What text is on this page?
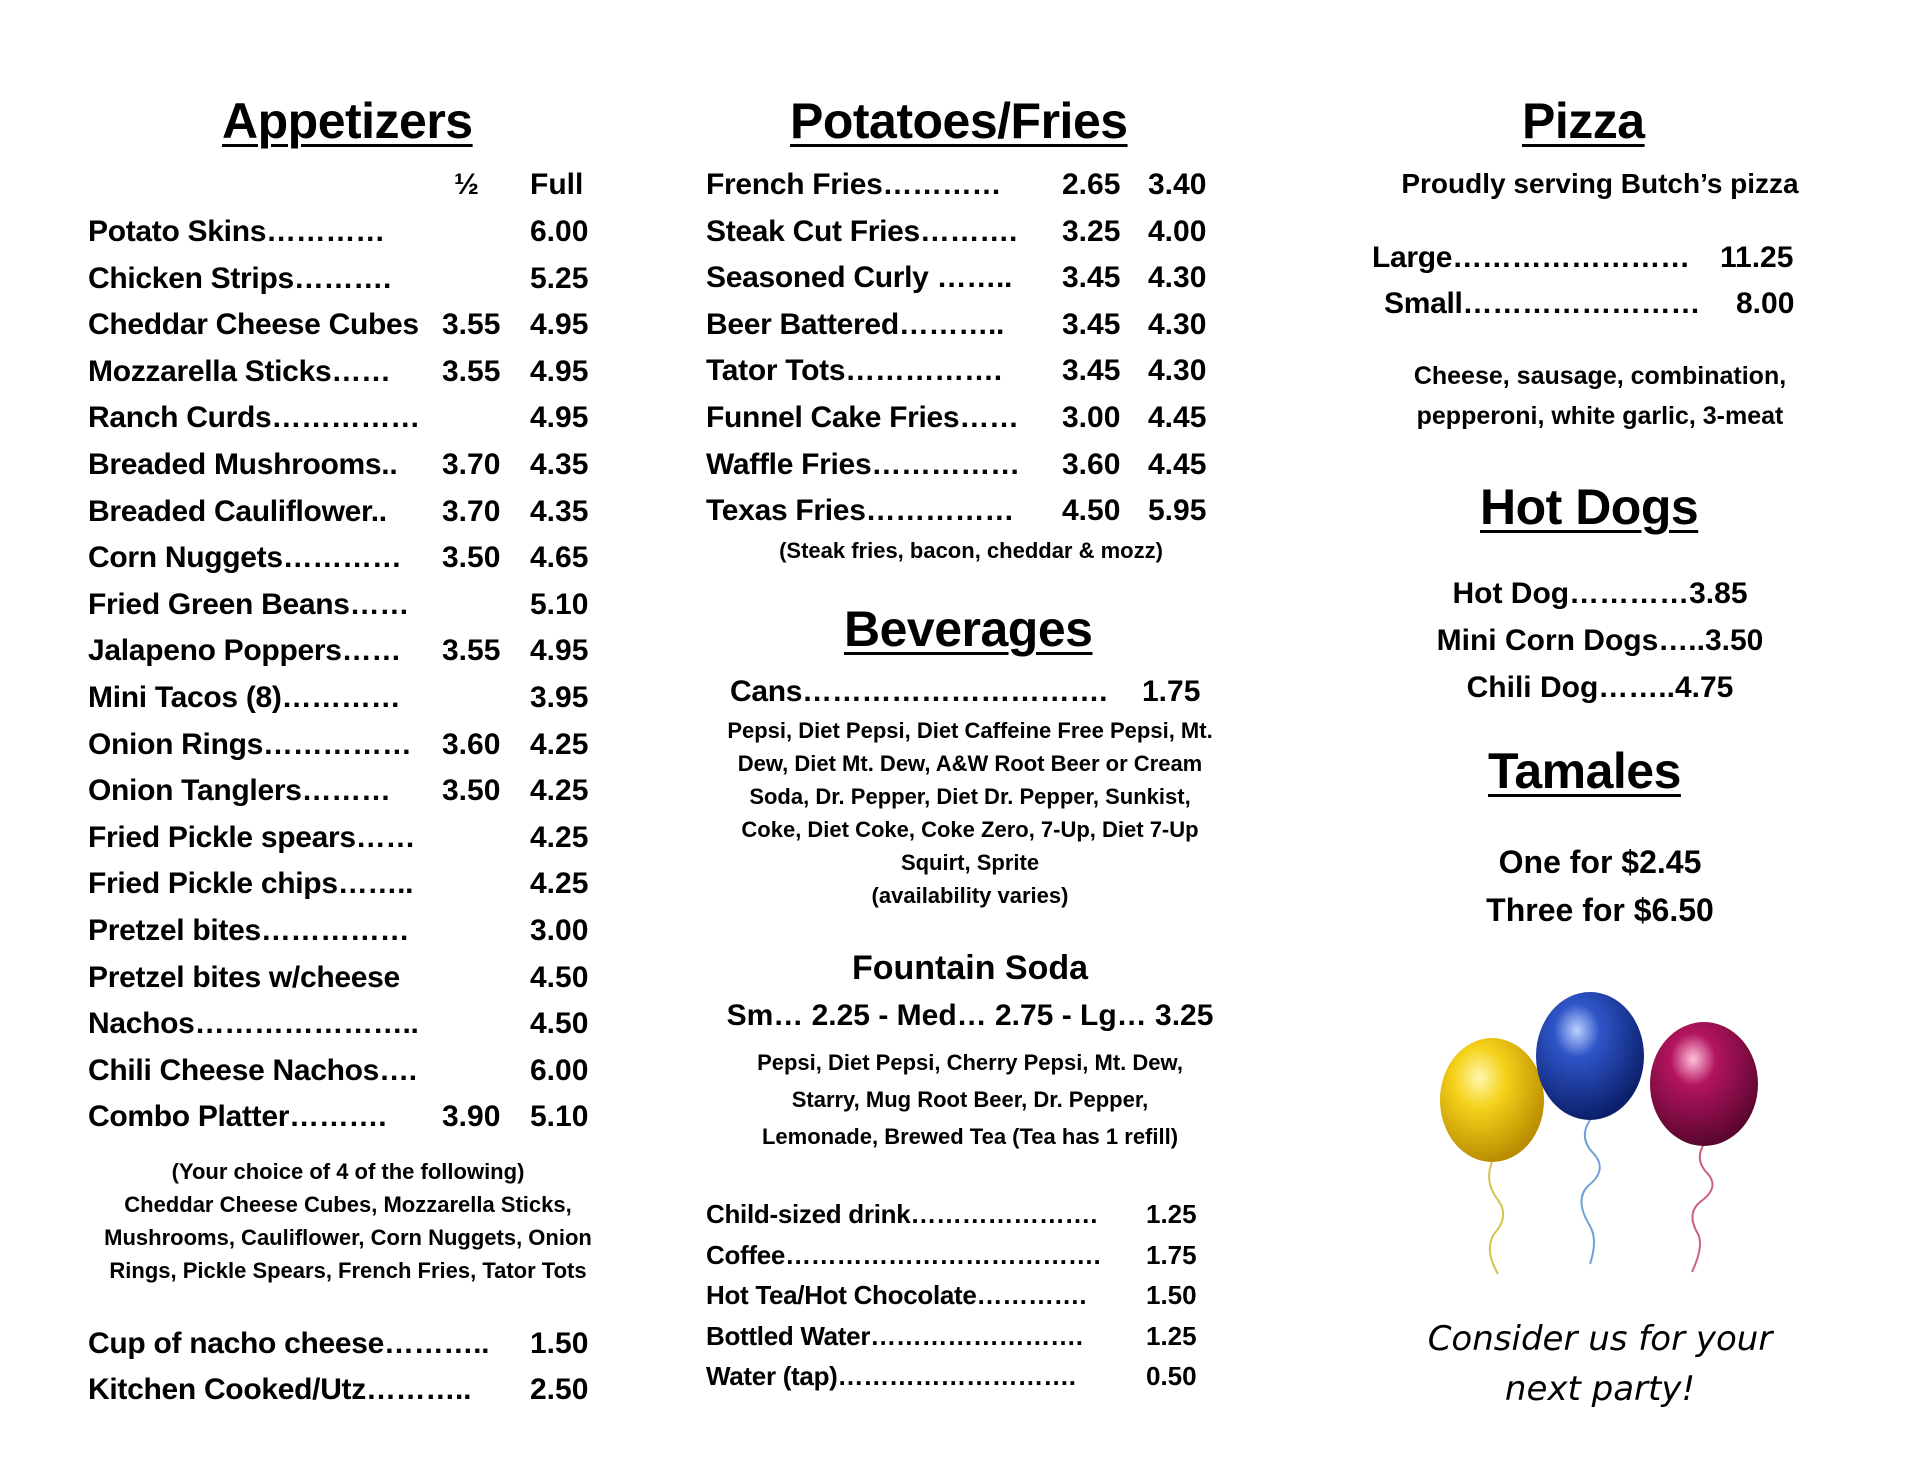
Appetizers
½	Full
Potato Skins…………	6.00
Chicken Strips……….	5.25
Cheddar Cheese Cubes 3.55 4.95
Mozzarella Sticks…… 3.55 4.95
Ranch Curds……………	4.95
Breaded Mushrooms.. 3.70 4.35
Breaded Cauliflower.. 3.70 4.35
Corn Nuggets………… 3.50 4.65
Fried Green Beans……	5.10
Jalapeno Poppers…… 3.55 4.95
Mini Tacos (8)…………	3.95
Onion Rings…………… 3.60 4.25
Onion Tanglers……… 3.50 4.25
Fried Pickle spears……	4.25
Fried Pickle chips……..	4.25
Pretzel bites……………	3.00
Pretzel bites w/cheese	4.50
Nachos…………………..	4.50
Chili Cheese Nachos….	6.00
Combo Platter………. 3.90 5.10
(Your choice of 4 of the following)
Cheddar Cheese Cubes, Mozzarella Sticks,
Mushrooms, Cauliflower, Corn Nuggets, Onion
Rings, Pickle Spears, French Fries, Tator Tots
Cup of nacho cheese……….. 1.50
Kitchen Cooked/Utz……….. 2.50
Potatoes/Fries
French Fries………… 2.65 3.40
Steak Cut Fries………. 3.25 4.00
Seasoned Curly …….. 3.45 4.30
Beer Battered……….. 3.45 4.30
Tator Tots……………. 3.45 4.30
Funnel Cake Fries…… 3.00 4.45
Waffle Fries…………… 3.60 4.45
Texas Fries…………… 4.50 5.95
(Steak fries, bacon, cheddar & mozz)
Beverages
Cans…………………………. 1.75
Pepsi, Diet Pepsi, Diet Caffeine Free Pepsi, Mt.
Dew, Diet Mt. Dew, A&W Root Beer or Cream
Soda, Dr. Pepper, Diet Dr. Pepper, Sunkist,
Coke, Diet Coke, Coke Zero, 7-Up, Diet 7-Up
Squirt, Sprite
(availability varies)
Fountain Soda
Sm… 2.25 - Med… 2.75 - Lg… 3.25
Pepsi, Diet Pepsi, Cherry Pepsi, Mt. Dew,
Starry, Mug Root Beer, Dr. Pepper,
Lemonade, Brewed Tea (Tea has 1 refill)
Child-sized drink…………………. 1.25
Coffee………………………………. 1.75
Hot Tea/Hot Chocolate…………. 1.50
Bottled Water……………………. 1.25
Water (tap)……………………….	0.50
Pizza
Proudly serving Butch’s pizza
Large…………………… 11.25
Small…………………… 8.00
Cheese, sausage, combination,
pepperoni, white garlic, 3-meat
Hot Dogs
Hot Dog…………3.85
Mini Corn Dogs…..3.50
Chili Dog……..4.75
Tamales
One for $2.45
Three for $6.50
Consider us for your
next party!
